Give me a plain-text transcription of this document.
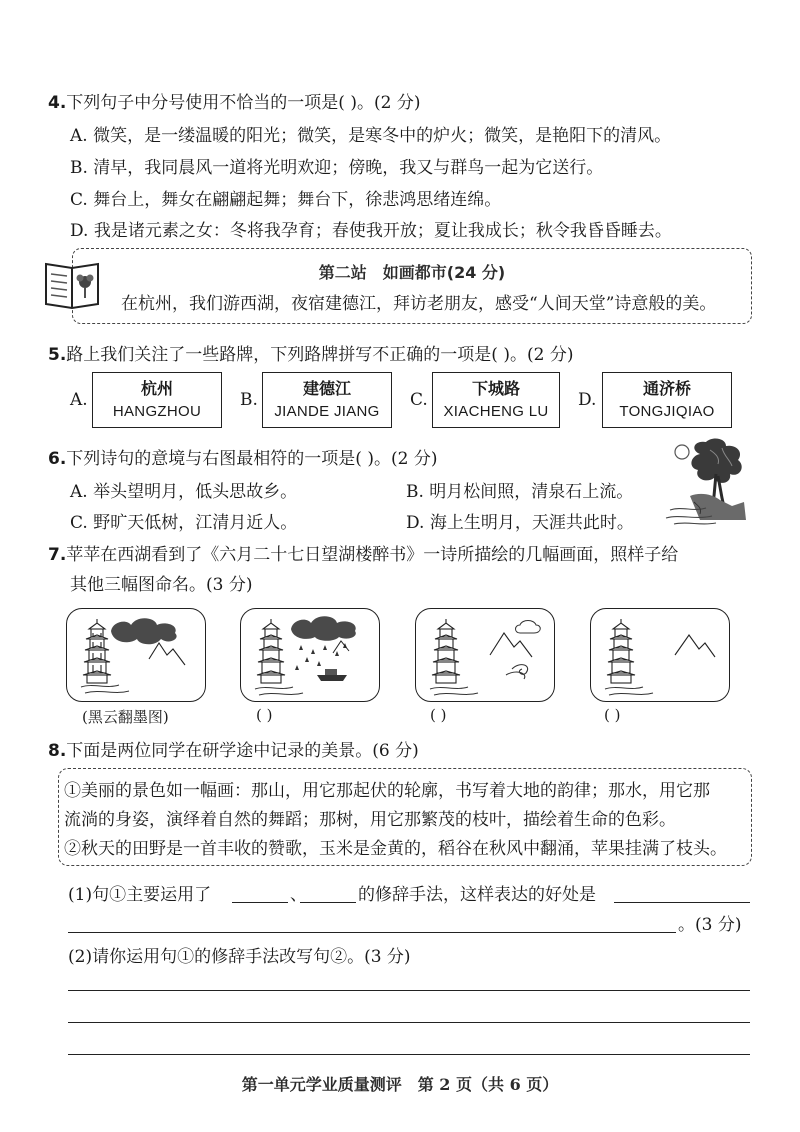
4.下列句子中分号使用不恰当的一项是( )。(2 分)
A. 微笑，是一缕温暖的阳光；微笑，是寒冬中的炉火；微笑，是艳阳下的清风。
B. 清早，我同晨风一道将光明欢迎；傍晚，我又与群鸟一起为它送行。
C. 舞台上，舞女在翩翩起舞；舞台下，徐悲鸿思绪连绵。
D. 我是诸元素之女：冬将我孕育；春使我开放；夏让我成长；秋令我昏昏睡去。
第二站　如画都市(24 分)
在杭州，我们游西湖，夜宿建德江，拜访老朋友，感受“人间天堂”诗意般的美。
5.路上我们关注了一些路牌，下列路牌拼写不正确的一项是( )。(2 分)
A.
杭州
HANGZHOU
B.
建德江
JIANDE JIANG
C.
下城路
XIACHENG LU
D.
通济桥
TONGJIQIAO
6.下列诗句的意境与右图最相符的一项是( )。(2 分)
A. 举头望明月，低头思故乡。	B. 明月松间照，清泉石上流。
C. 野旷天低树，江清月近人。	D. 海上生明月，天涯共此时。
7.苹苹在西湖看到了《六月二十七日望湖楼醉书》一诗所描绘的几幅画面，照样子给
其他三幅图命名。(3 分)
(黑云翻墨图)	( )	( )	( )
8.下面是两位同学在研学途中记录的美景。(6 分)
①美丽的景色如一幅画：那山，用它那起伏的轮廓，书写着大地的韵律；那水，用它那
流淌的身姿，演绎着自然的舞蹈；那树，用它那繁茂的枝叶，描绘着生命的色彩。
②秋天的田野是一首丰收的赞歌，玉米是金黄的，稻谷在秋风中翻涌，苹果挂满了枝头。
(1)句①主要运用了	、	的修辞手法，这样表达的好处是
。(3 分)
(2)请你运用句①的修辞手法改写句②。(3 分)
第一单元学业质量测评　第 2 页（共 6 页）
